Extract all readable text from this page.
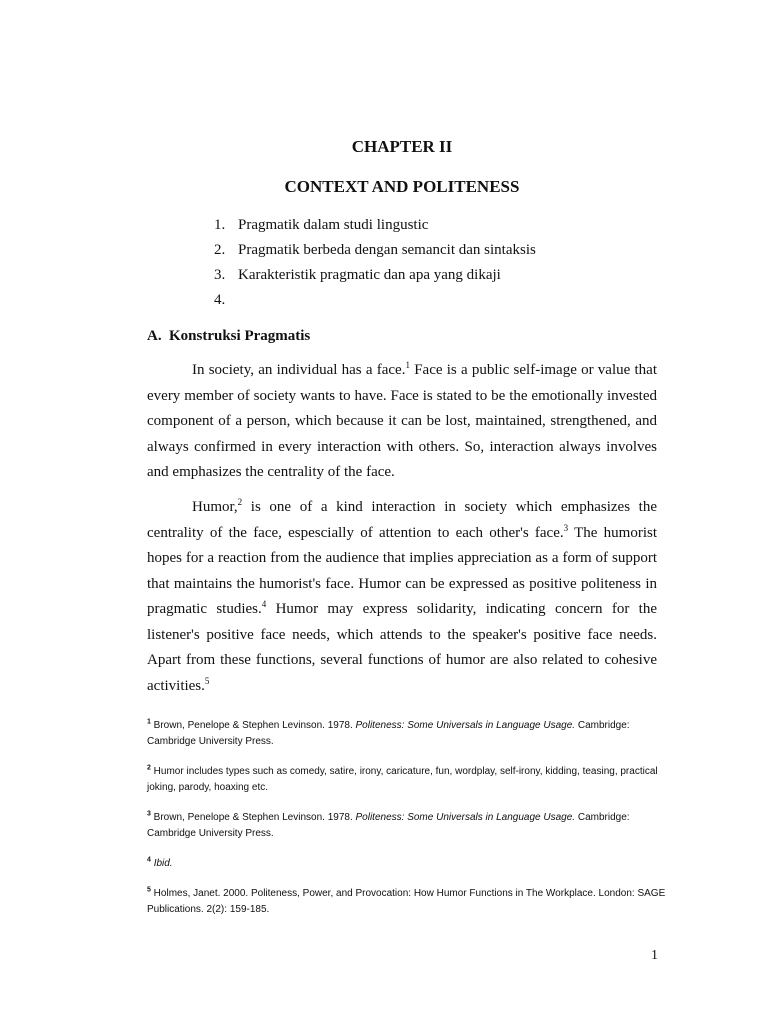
CHAPTER II
CONTEXT AND POLITENESS
1. Pragmatik dalam studi lingustic
2. Pragmatik berbeda dengan semancit dan sintaksis
3. Karakteristik pragmatic dan apa yang dikaji
4.
A. Konstruksi Pragmatis

In society, an individual has a face.$^1$ Face is a public self-image or value that every member of society wants to have. Face is stated to be the emotionally invested component of a person, which because it can be lost, maintained, strengthened, and always confirmed in every interaction with others. So, interaction always involves and emphasizes the centrality of the face.

Humor,$^2$ is one of a kind interaction in society which emphasizes the centrality of the face, espescially of attention to each other's face.$^3$ The humorist hopes for a reaction from the audience that implies appreciation as a form of support that maintains the humorist's face. Humor can be expressed as positive politeness in pragmatic studies.$^4$ Humor may express solidarity, indicating concern for the listener's positive face needs, which attends to the speaker's positive face needs. Apart from these functions, several functions of humor are also related to cohesive activities.$^5$

$^1$ Brown, Penelope & Stephen Levinson. 1978. Politeness: Some Universals in Language Usage. Cambridge: Cambridge University Press.

$^2$ Humor includes types such as comedy, satire, irony, caricature, fun, wordplay, self-irony, kidding, teasing, practical joking, parody, hoaxing etc.

$^3$ Brown, Penelope & Stephen Levinson. 1978. Politeness: Some Universals in Language Usage. Cambridge: Cambridge University Press.

$^4$ Ibid.

$^5$ Holmes, Janet. 2000. Politeness, Power, and Provocation: How Humor Functions in The Workplace. London: SAGE Publications. 2(2): 159-185.

1
